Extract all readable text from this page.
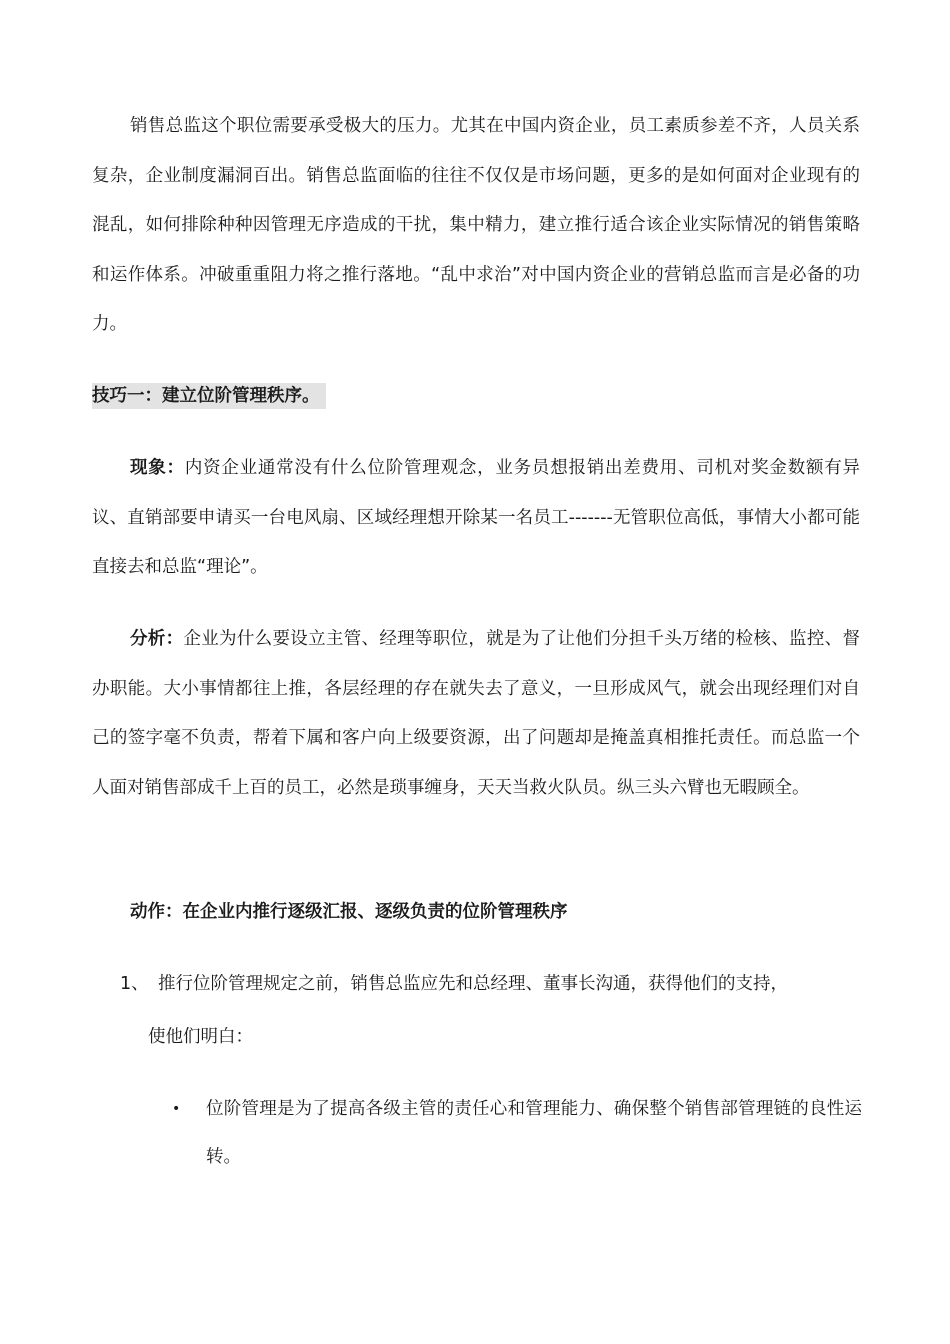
销售总监这个职位需要承受极大的压力。尤其在中国内资企业，员工素质参差不齐，人员关系复杂，企业制度漏洞百出。销售总监面临的往往不仅仅是市场问题，更多的是如何面对企业现有的混乱，如何排除种种因管理无序造成的干扰，集中精力，建立推行适合该企业实际情况的销售策略和运作体系。冲破重重阻力将之推行落地。“乱中求治”对中国内资企业的营销总监而言是必备的功力。

技巧一：建立位阶管理秩序。

现象：内资企业通常没有什么位阶管理观念，业务员想报销出差费用、司机对奖金数额有异议、直销部要申请买一台电风扇、区域经理想开除某一名员工-------无管职位高低，事情大小都可能直接去和总监“理论”。

分析：企业为什么要设立主管、经理等职位，就是为了让他们分担千头万绪的检核、监控、督办职能。大小事情都往上推，各层经理的存在就失去了意义，一旦形成风气，就会出现经理们对自己的签字毫不负责，帮着下属和客户向上级要资源，出了问题却是掩盖真相推托责任。而总监一个人面对销售部成千上百的员工，必然是琐事缠身，天天当救火队员。纵三头六臂也无暇顾全。

动作：在企业内推行逐级汇报、逐级负责的位阶管理秩序
1、 推行位阶管理规定之前，销售总监应先和总经理、董事长沟通，获得他们的支持，
使他们明白：
• 位阶管理是为了提高各级主管的责任心和管理能力、确保整个销售部管理链的良性运转。
